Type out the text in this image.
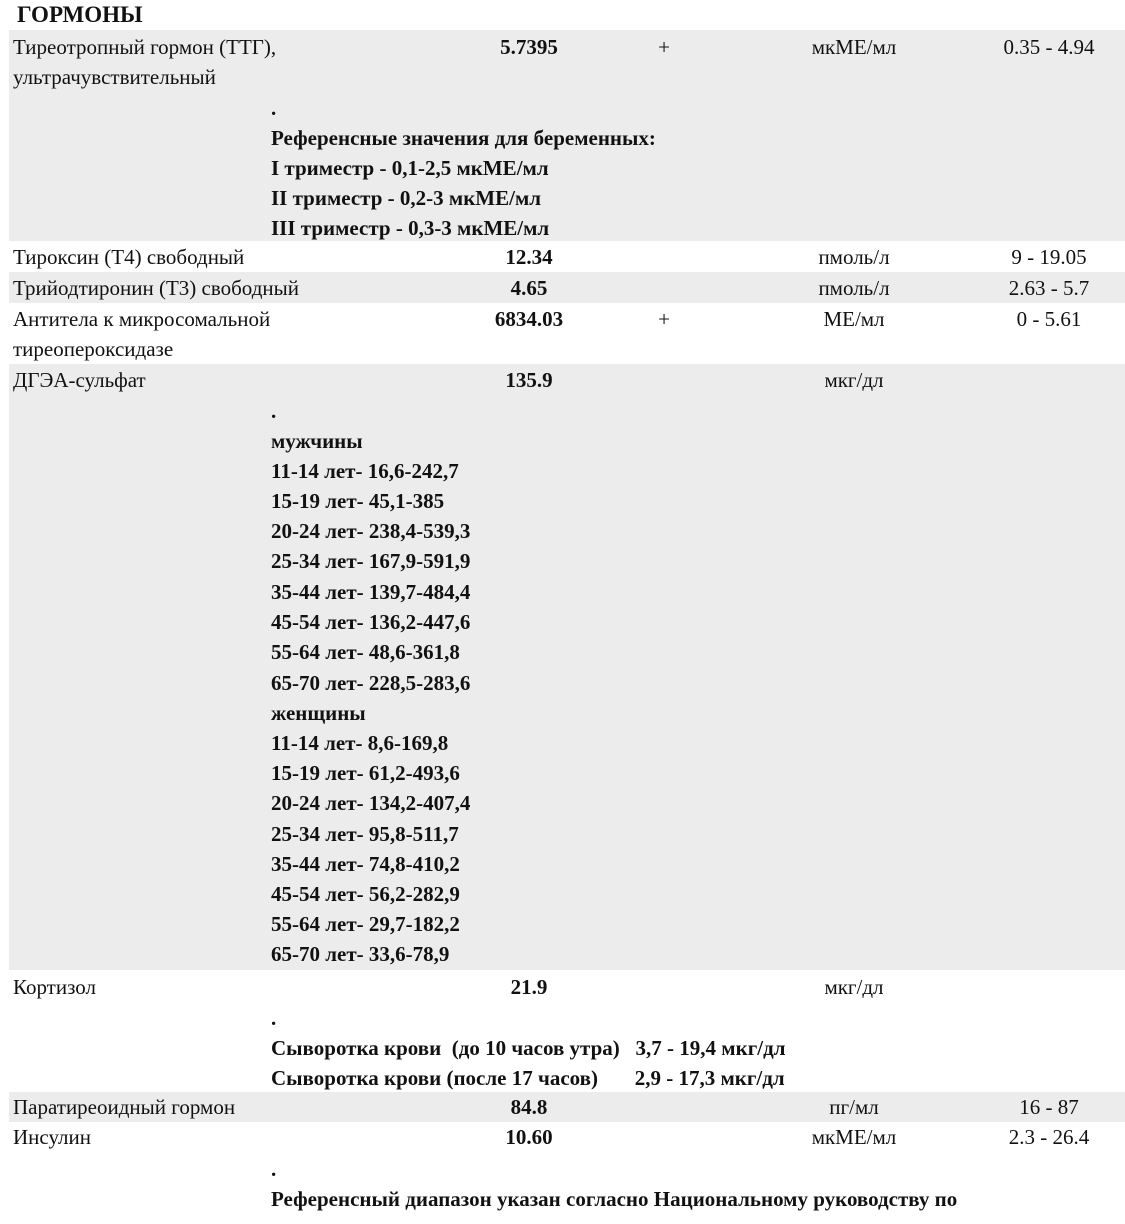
ГОРМОНЫ
Тиреотропный гормон (ТТГ),
ультрачувствительный
5.7395	+	мкМЕ/мл	0.35 - 4.94
.
Референсные значения для беременных:
I триместр - 0,1-2,5 мкМЕ/мл
II триместр - 0,2-3 мкМЕ/мл
III триместр - 0,3-3 мкМЕ/мл
Тироксин (Т4) свободный	12.34	пмоль/л	9 - 19.05
Трийодтиронин (Т3) свободный	4.65	пмоль/л	2.63 - 5.7
Антитела к микросомальной
тиреопероксидазе
6834.03	+	МЕ/мл	0 - 5.61
ДГЭА-сульфат	135.9	мкг/дл
.
мужчины
11-14 лет- 16,6-242,7
15-19 лет- 45,1-385
20-24 лет- 238,4-539,3
25-34 лет- 167,9-591,9
35-44 лет- 139,7-484,4
45-54 лет- 136,2-447,6
55-64 лет- 48,6-361,8
65-70 лет- 228,5-283,6
женщины
11-14 лет- 8,6-169,8
15-19 лет- 61,2-493,6
20-24 лет- 134,2-407,4
25-34 лет- 95,8-511,7
35-44 лет- 74,8-410,2
45-54 лет- 56,2-282,9
55-64 лет- 29,7-182,2
65-70 лет- 33,6-78,9
Кортизол	21.9	мкг/дл
.
Сыворотка крови  (до 10 часов утра)   3,7 - 19,4 мкг/дл
Сыворотка крови (после 17 часов)       2,9 - 17,3 мкг/дл
Паратиреоидный гормон	84.8	пг/мл	16 - 87
Инсулин	10.60	мкМЕ/мл	2.3 - 26.4
.
Референсный диапазон указан согласно Национальному руководству по
